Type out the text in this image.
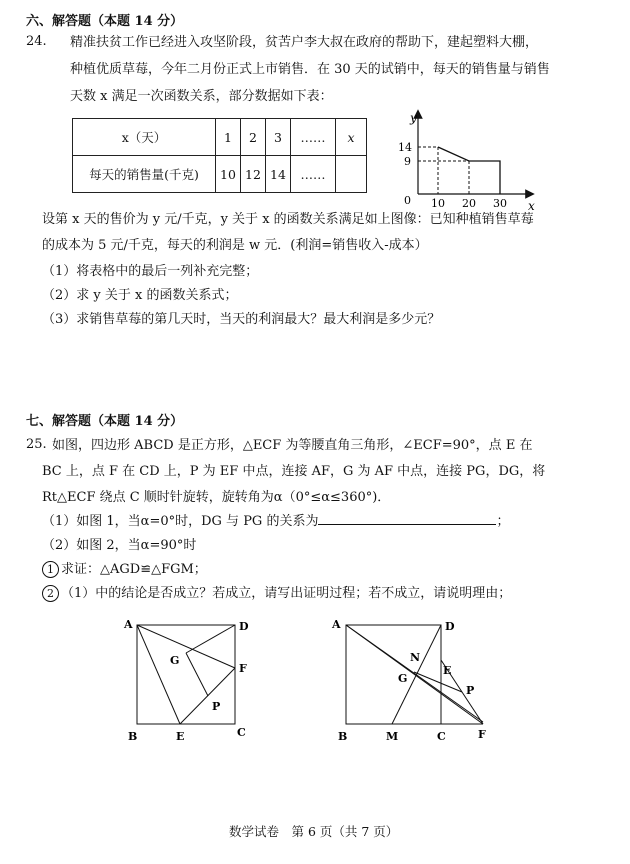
六、解答题（本题 14 分）
24. 精准扶贫工作已经进入攻坚阶段，贫苦户李大叔在政府的帮助下，建起塑料大棚，
种植优质草莓，今年二月份正式上市销售．在 30 天的试销中，每天的销售量与销售
天数 x 满足一次函数关系，部分数据如下表：
x（天）	1	2	3	……	x
每天的销售量(千克)	10	12	14	……	
y
x
0
14
9
10 20 30
设第 x 天的售价为 y 元/千克，y 关于 x 的函数关系满足如上图像：已知种植销售草莓
的成本为 5 元/千克，每天的利润是 w 元．(利润=销售收入-成本）
（1）将表格中的最后一列补充完整；
（2）求 y 关于 x 的函数关系式；
（3）求销售草莓的第几天时，当天的利润最大？最大利润是多少元？
七、解答题（本题 14 分）
25. 如图，四边形 ABCD 是正方形，△ECF 为等腰直角三角形，∠ECF=90°，点 E 在
BC 上，点 F 在 CD 上，P 为 EF 中点，连接 AF，G 为 AF 中点，连接 PG，DG，将
Rt△ECF 绕点 C 顺时针旋转，旋转角为α（0°≤α≤360°)．
（1）如图 1，当α=0°时，DG 与 PG 的关系为	；
（2）如图 2，当α=90°时
1 求证：△AGD≌△FGM；
2 （1）中的结论是否成立？若成立，请写出证明过程；若不成立，请说明理由；
A	D
G
F
P
B	E	C
A	D
N
E
G
P
B	M	C	F
数学试卷　第 6 页（共 7 页）
